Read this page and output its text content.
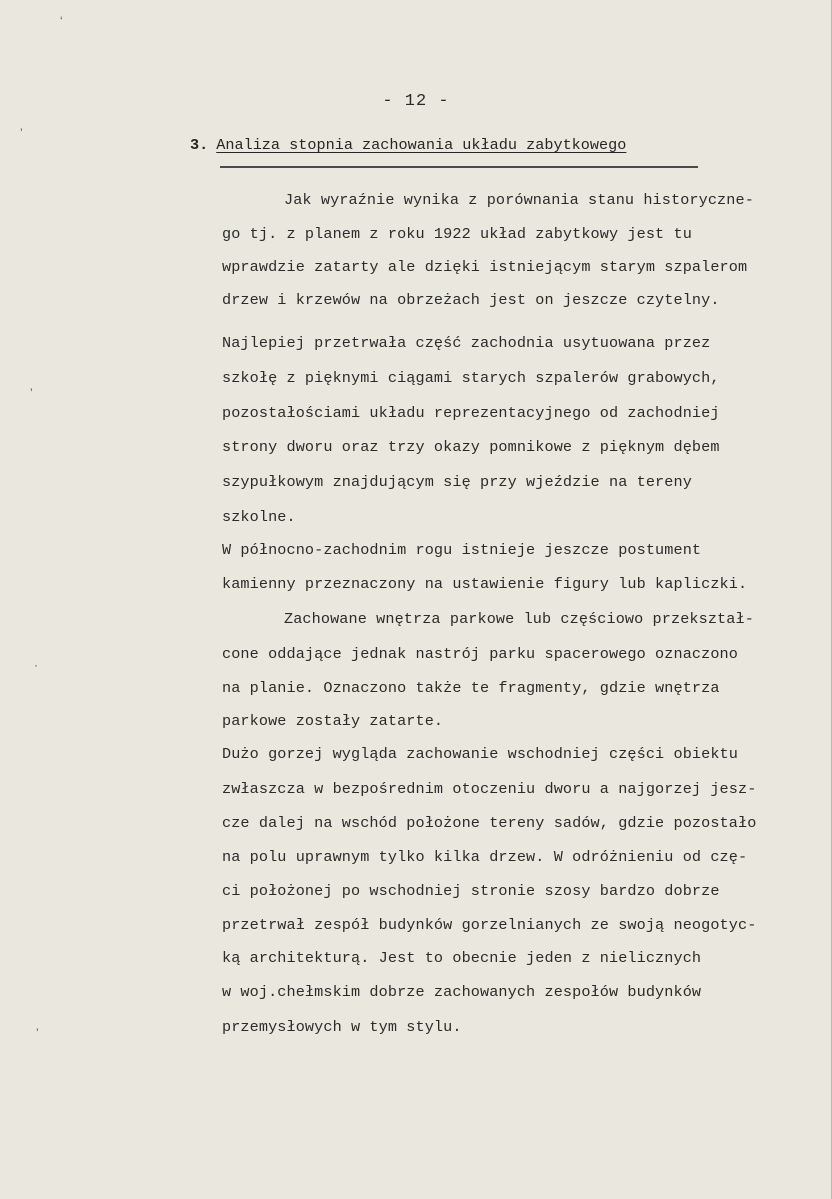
- 12 -
3. Analiza stopnia zachowania układu zabytkowego
Jak wyraźnie wynika z porównania stanu historyczne-
go tj. z planem z roku 1922 układ zabytkowy jest tu
wprawdzie zatarty ale dzięki istniejącym starym szpalerom
drzew i krzewów na obrzeżach jest on jeszcze czytelny.
Najlepiej przetrwała część zachodnia usytuowana przez
szkołę z pięknymi ciągami starych szpalerów grabowych,
pozostałościami układu reprezentacyjnego od zachodniej
strony dworu oraz trzy okazy pomnikowe z pięknym dębem
szypułkowym znajdującym się przy wjeździe na tereny
szkolne.
W północno-zachodnim rogu istnieje jeszcze postument
kamienny przeznaczony na ustawienie figury lub kapliczki.
Zachowane wnętrza parkowe lub częściowo przekształ-
cone oddające jednak nastrój parku spacerowego oznaczono
na planie. Oznaczono także te fragmenty, gdzie wnętrza
parkowe zostały zatarte.
Dużo gorzej wygląda zachowanie wschodniej części obiektu
zwłaszcza w bezpośrednim otoczeniu dworu a najgorzej jesz-
cze dalej na wschód położone tereny sadów, gdzie pozostało
na polu uprawnym tylko kilka drzew. W odróżnieniu od czę-
ci położonej po wschodniej stronie szosy bardzo dobrze
przetrwał zespół budynków gorzelnianych ze swoją neogotyc-
ką architekturą. Jest to obecnie jeden z nielicznych
w woj.chełmskim dobrze zachowanych zespołów budynków
przemysłowych w tym stylu.
’
’
·
’
‘
